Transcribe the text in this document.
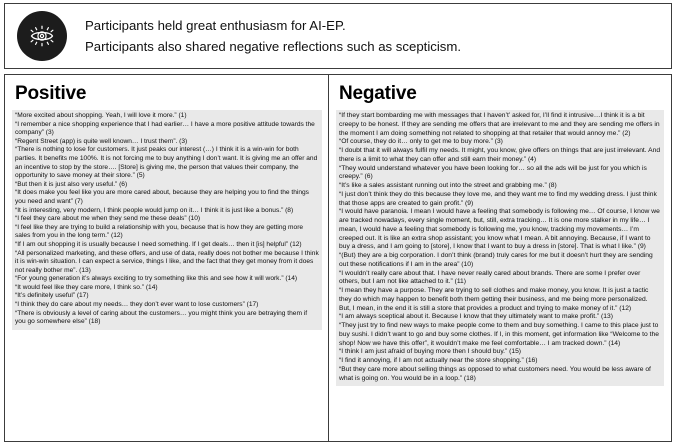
Participants held great enthusiasm for AI-EP.
Participants also shared negative reflections such as scepticism.
Positive

“More excited about shopping. Yeah, I will love it more.” (1)

“I remember a nice shopping experience that I had earlier… I have a more positive attitude towards the company” (3)

“Regent Street (app) is quite well known… I trust them”. (3)

“There is nothing to lose for customers. It just peaks our interest (…) I think it is a win-win for both parties. It benefits me 100%. It is not forcing me to buy anything I don’t want. It is giving me an offer and an incentive to stop by the store…. [Store] is giving me, the person that values their company, the opportunity to save money at their store.” (5)

“But then it is just also very useful.” (6)

“It does make you feel like you are more cared about, because they are helping you to find the things you need and want” (7)

“It is interesting, very modern, I think people would jump on it… I think it is just like a bonus.” (8)

“I feel they care about me when they send me these deals” (10)

“I feel like they are trying to build a relationship with you, because that is how they are getting more sales from you in the long term.” (12)

“If I am out shopping it is usually because I need something. If I get deals… then it [is] helpful” (12)

“All personalized marketing, and these offers, and use of data, really does not bother me because I think it is win-win situation. I can expect a service, things I like, and the fact that they get money from it does not really bother me”. (13)

“For young generation it’s always exciting to try something like this and see how it will work.” (14)

“It would feel like they care more, I think so.” (14)

“It’s definitely useful” (17)

“I think they do care about my needs… they don’t ever want to lose customers” (17)

“There is obviously a level of caring about the customers… you might think you are betraying them if you go somewhere else” (18)

Negative

“If they start bombarding me with messages that I haven’t’ asked for, I’ll find it intrusive…I think it is a bit creepy to be honest. If they are sending me offers that are irrelevant to me and they are sending me offers in the moment I am doing something not related to shopping at that retailer that would annoy me.” (2)

“Of course, they do it… only to get me to buy more.” (3)

“I doubt that it will always fulfil my needs. It might, you know, give offers on things that are just irrelevant. And there is a limit to what they can offer and still earn their money.” (4)

“They would understand whatever you have been looking for… so all the ads will be just for you which is creepy.” (6)

“It’s like a sales assistant running out into the street and grabbing me.” (8)

“I just don’t think they do this because they love me, and they want me to find my wedding dress. I just think that those apps are created to gain profit.” (9)

“I would have paranoia. I mean I would have a feeling that somebody is following me… Of course, I know we are tracked nowadays, every single moment, but, still, extra tracking… It is one more stalker in my life… I mean, I would have a feeling that somebody is following me, you know, tracking my movements… I’m creeped out. It is like an extra shop assistant; you know what I mean. A bit annoying. Because, if I want to buy a dress, and I am going to [store], I know that I want to buy a dress in [store]. That is what I like.” (9)

“(But) they are a big corporation. I don’t think (brand) truly cares for me but it doesn’t hurt they are sending out these notifications if I am in the area” (10)

“I wouldn’t really care about that. I have never really cared about brands. There are some I prefer over others, but I am not like attached to it.” (11)

“I mean they have a purpose. They are trying to sell clothes and make money, you know. It is just a tactic they do which may happen to benefit both them getting their business, and me being more personalized. But, I mean, in the end it is still a store that provides a product and trying to make money of it.” (12)

“I am always sceptical about it. Because I know that they ultimately want to make profit.” (13)

“They just try to find new ways to make people come to them and buy something. I came to this place just to buy sushi. I didn’t want to go and buy some clothes. If I, in this moment, get information like “Welcome to the shop! Now we have this offer”, it wouldn’t make me feel comfortable… I am tracked down.” (14)

“I think I am just afraid of buying more then I should buy.” (15)

“I find it annoying, if I am not actually near the store shopping.” (16)

“But they care more about selling things as opposed to what customers need. You would be less aware of what is going on. You would be in a loop.” (18)
